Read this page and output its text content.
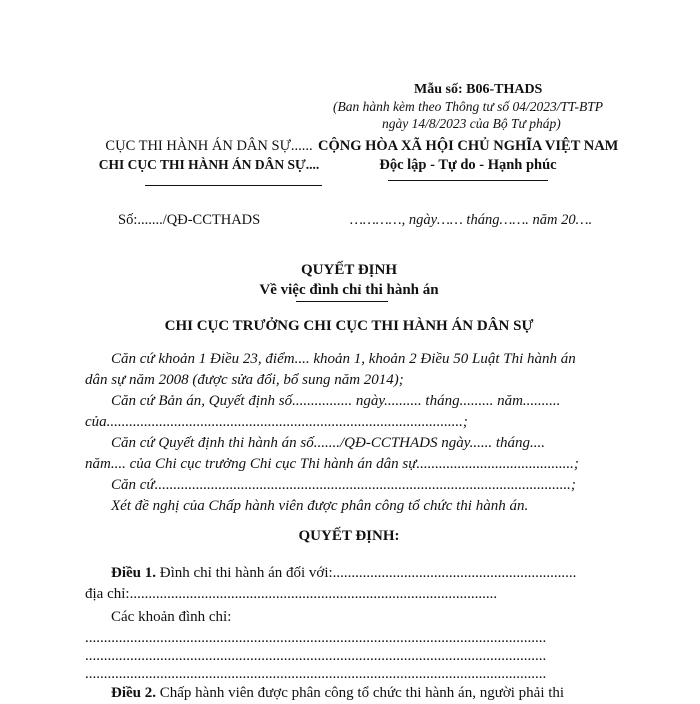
Mẫu số: B06-THADS
(Ban hành kèm theo Thông tư số 04/2023/TT-BTP
ngày 14/8/2023 của Bộ Tư pháp)
CỤC THI HÀNH ÁN DÂN SỰ......
CHI CỤC THI HÀNH ÁN DÂN SỰ....
CỘNG HÒA XÃ HỘI CHỦ NGHĨA VIỆT NAM
Độc lập - Tự do - Hạnh phúc
Số:......./QĐ-CCTHADS	…………, ngày…… tháng……. năm 20….
QUYẾT ĐỊNH
Về việc đình chỉ thi hành án
CHI CỤC TRƯỞNG CHI CỤC THI HÀNH ÁN DÂN SỰ
Căn cứ khoản 1 Điều 23, điểm.... khoản 1, khoản 2 Điều 50 Luật Thi hành án
dân sự năm 2008 (được sửa đổi, bổ sung năm 2014);
Căn cứ Bản án, Quyết định số................ ngày.......... tháng......... năm..........
của...............................................................................................;
Căn cứ Quyết định thi hành án số......./QĐ-CCTHADS ngày...... tháng....
năm.... của Chi cục trưởng Chi cục Thi hành án dân sự..........................................;
Căn cứ...............................................................................................................;
Xét đề nghị của Chấp hành viên được phân công tổ chức thi hành án.
QUYẾT ĐỊNH:
Điều 1. Đình chỉ thi hành án đối với:.................................................................
địa chỉ:..................................................................................................
Các khoản đình chỉ:
...........................................................................................................................
...........................................................................................................................
...........................................................................................................................
Điều 2. Chấp hành viên được phân công tổ chức thi hành án, người phải thi
